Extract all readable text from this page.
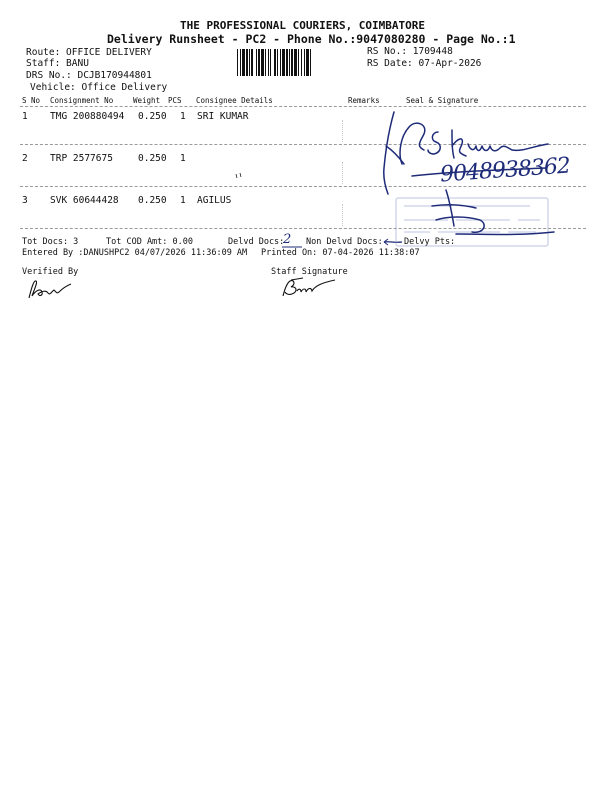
THE PROFESSIONAL COURIERS, COIMBATORE
Delivery Runsheet - PC2 - Phone No.:9047080280 - Page No.:1
Route: OFFICE DELIVERY
Staff: BANU
DRS No.: DCJB170944801
Vehicle: Office Delivery
RS No.: 1709448
RS Date: 07-Apr-2026
S No Consignment No	Weight PCS Consignee Details	Remarks	Seal & Signature
1 TMG 200880494 0.250 1 SRI KUMAR
2 TRP 2577675	0.250 1
3 SVK 60644428 0.250 1 AGILUS
Tot Docs: 3	Tot COD Amt: 0.00	Delvd Docs:
2 Non Delvd Docs: Delvy Pts:
Entered By :DANUSHPC2 04/07/2026 11:36:09 AM Printed On: 07-04-2026 11:38:07
Verified By	Staff Signature
9048938362
